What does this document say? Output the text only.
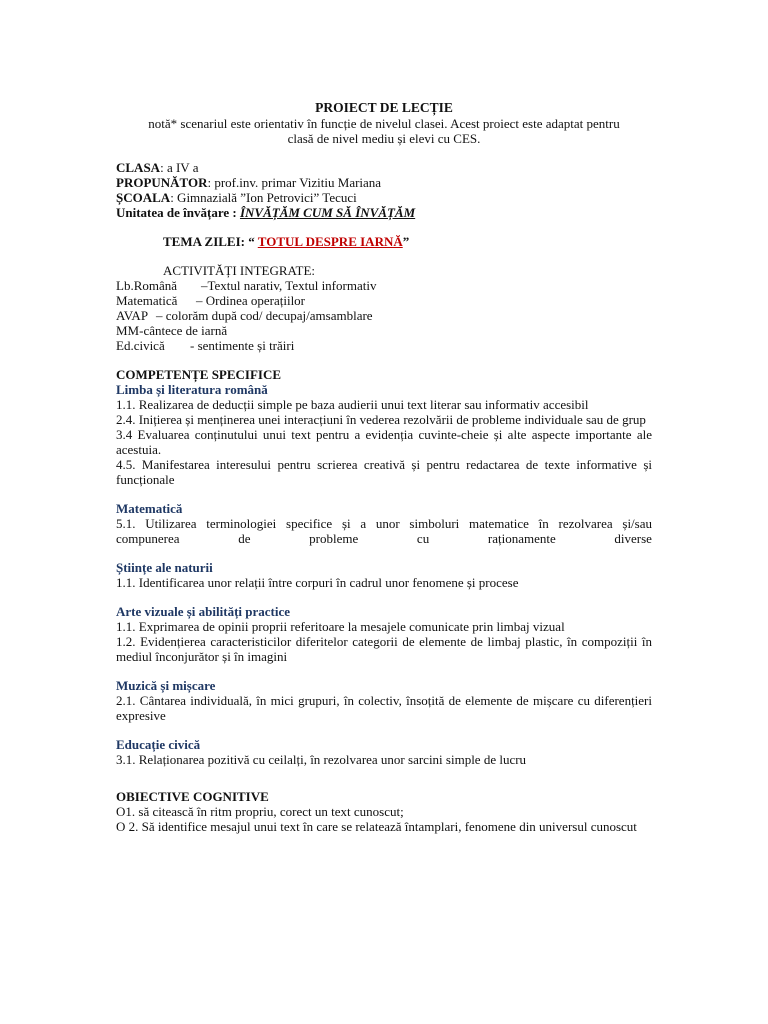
PROIECT DE LECȚIE
notă* scenariul este orientativ în funcție de nivelul clasei. Acest proiect este adaptat pentru
clasă de nivel mediu și elevi cu CES.
CLASA: a IV a
PROPUNĂTOR: prof.inv. primar Vizitiu Mariana
ȘCOALA: Gimnazială ”Ion Petrovici” Tecuci
Unitatea de învățare : ÎNVĂȚĂM CUM SĂ ÎNVĂȚĂM
TEMA ZILEI: “ TOTUL DESPRE IARNĂ”
ACTIVITĂȚI INTEGRATE:
Lb.Română –Textul narativ, Textul informativ
Matematică – Ordinea operațiilor
AVAP – colorăm după cod/ decupaj/amsamblare
MM-cântece de iarnă
Ed.civică - sentimente și trăiri
COMPETENȚE SPECIFICE
Limba și literatura română
1.1. Realizarea de deducții simple pe baza audierii unui text literar sau informativ accesibil
2.4. Inițierea și menținerea unei interacțiuni în vederea rezolvării de probleme individuale sau de grup
3.4 Evaluarea conținutului unui text pentru a evidenția cuvinte-cheie și alte aspecte importante ale acestuia.
4.5. Manifestarea interesului pentru scrierea creativă și pentru redactarea de texte informative și funcționale
Matematică
5.1. Utilizarea terminologiei specifice și a unor simboluri matematice în rezolvarea și/sau
compunerea	de	probleme	cu	raționamente	diverse
Științe ale naturii
1.1. Identificarea unor relații între corpuri în cadrul unor fenomene și procese
Arte vizuale și abilități practice
1.1. Exprimarea de opinii proprii referitoare la mesajele comunicate prin limbaj vizual
1.2. Evidențierea caracteristicilor diferitelor categorii de elemente de limbaj plastic, în compoziții în mediul înconjurător și în imagini
Muzică și mișcare
2.1. Cântarea individuală, în mici grupuri, în colectiv, însoțită de elemente de mișcare cu diferențieri expresive
Educație civică
3.1. Relaționarea pozitivă cu ceilalți, în rezolvarea unor sarcini simple de lucru
OBIECTIVE COGNITIVE
O1. să citească în ritm propriu, corect un text cunoscut;
O 2. Să identifice mesajul unui text în care se relatează întamplari, fenomene din universul cunoscut
